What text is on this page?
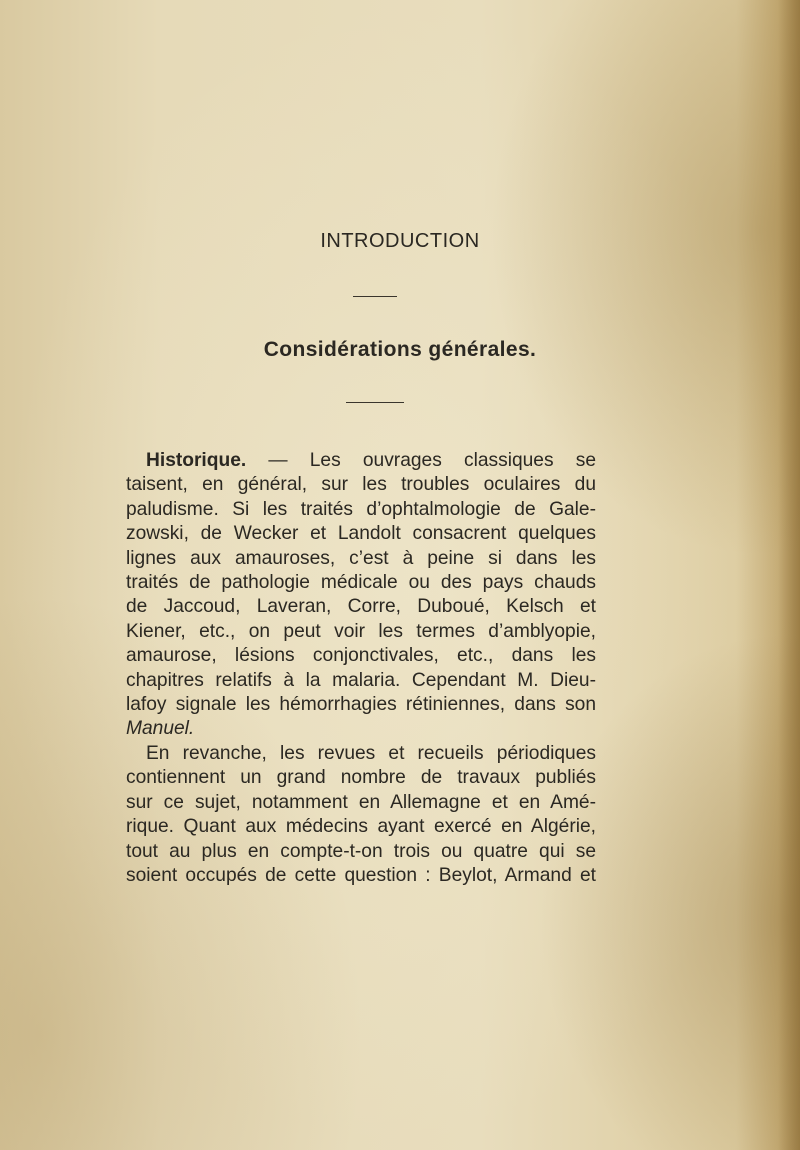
INTRODUCTION
Considérations générales.
Historique. — Les ouvrages classiques se
taisent, en général, sur les troubles oculaires du
paludisme. Si les traités d’ophtalmologie de Gale-
zowski, de Wecker et Landolt consacrent quelques
lignes aux amauroses, c’est à peine si dans les
traités de pathologie médicale ou des pays chauds
de Jaccoud, Laveran, Corre, Duboué, Kelsch et
Kiener, etc., on peut voir les termes d’amblyopie,
amaurose, lésions conjonctivales, etc., dans les
chapitres relatifs à la malaria. Cependant M. Dieu-
lafoy signale les hémorrhagies rétiniennes, dans son
Manuel.
En revanche, les revues et recueils périodiques
contiennent un grand nombre de travaux publiés
sur ce sujet, notamment en Allemagne et en Amé-
rique. Quant aux médecins ayant exercé en Algérie,
tout au plus en compte-t-on trois ou quatre qui se
soient occupés de cette question : Beylot, Armand et
